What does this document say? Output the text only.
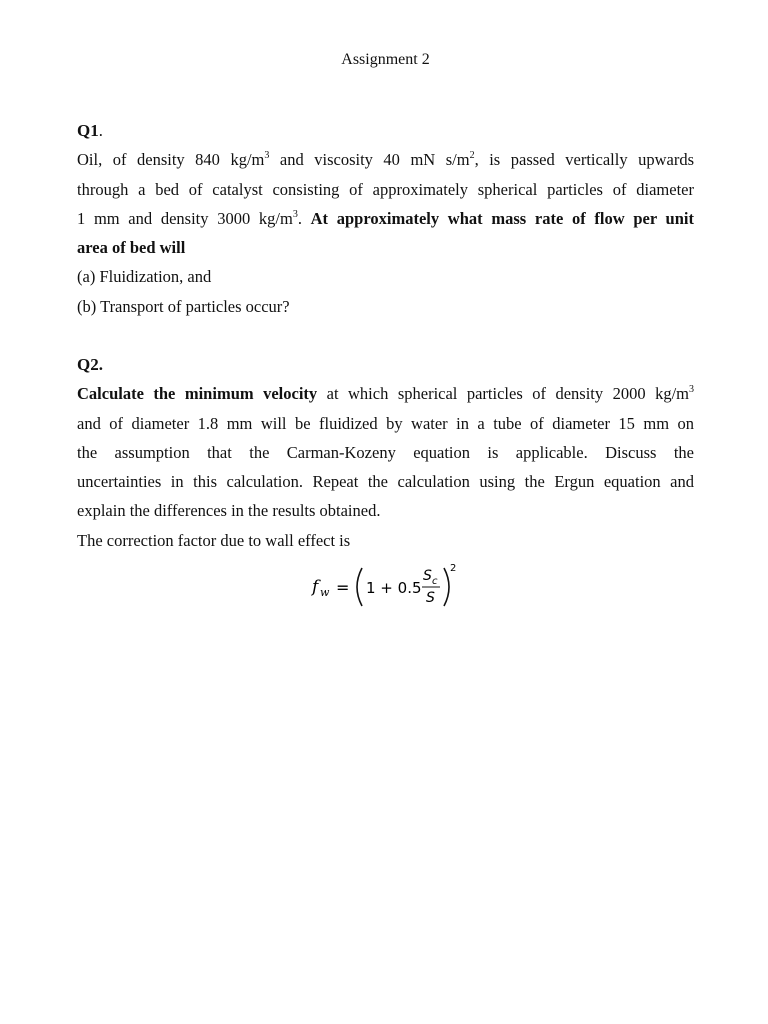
Assignment 2
Q1.
Oil, of density 840 $kg/m^3$ and viscosity 40 mN $s/m^2$, is passed vertically upwards
through a bed of catalyst consisting of approximately spherical particles of diameter
1 mm and density 3000 $kg/m^3$. At approximately what mass rate of flow per unit
area of bed will
(a) Fluidization, and
(b) Transport of particles occur?
Q2.
Calculate the minimum velocity at which spherical particles of density 2000 $kg/m^3$
and of diameter 1.8 mm will be fluidized by water in a tube of diameter 15 mm on
the assumption that the Carman-Kozeny equation is applicable. Discuss the
uncertainties in this calculation. Repeat the calculation using the Ergun equation and
explain the differences in the results obtained.
The correction factor due to wall effect is
f w = 1 + 0.5
S c
S
2
